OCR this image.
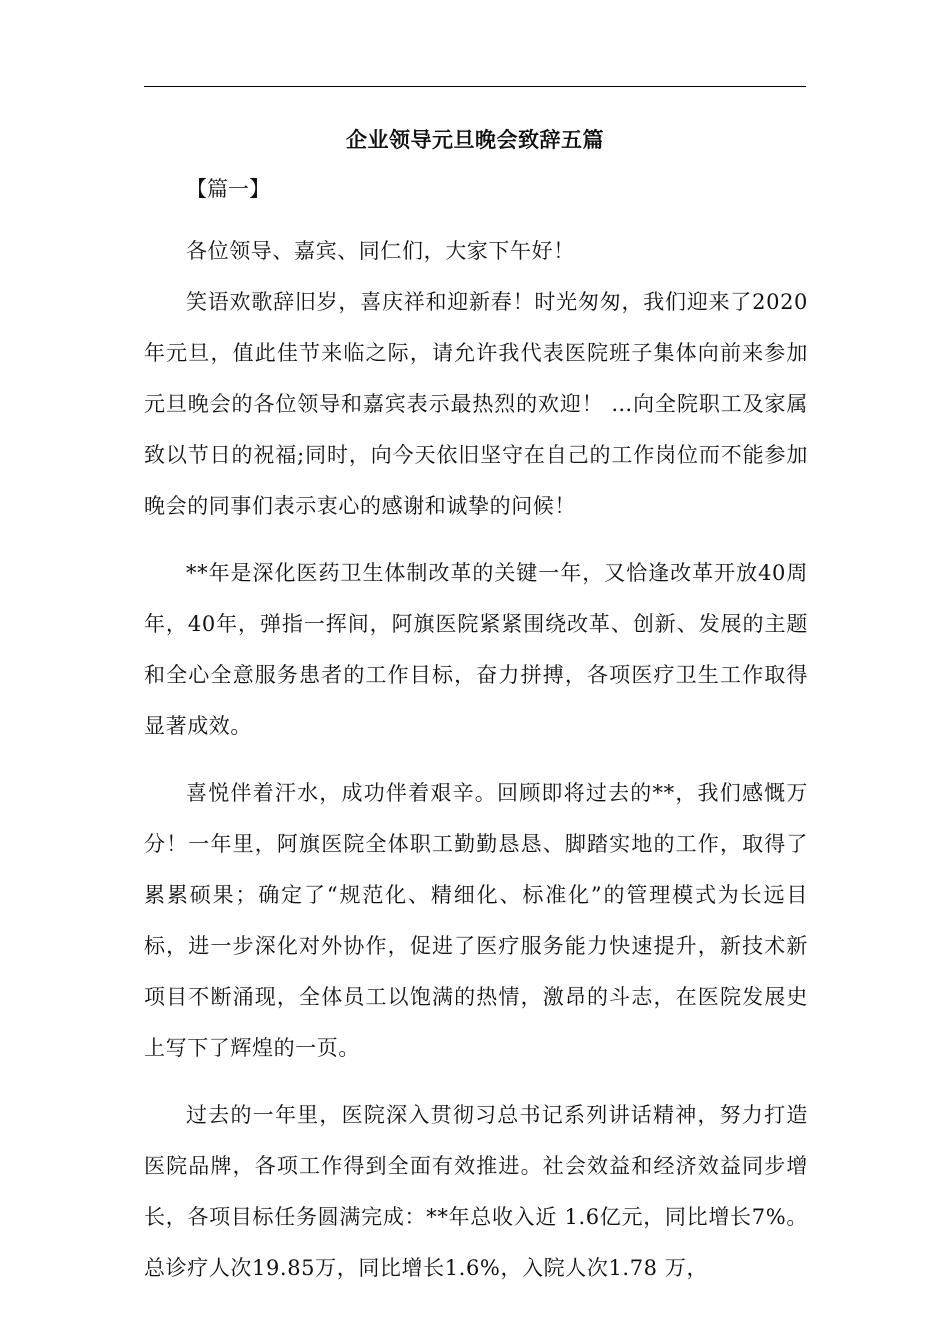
企业领导元旦晚会致辞五篇
【篇一】

各位领导、嘉宾、同仁们，大家下午好！

笑语欢歌辞旧岁，喜庆祥和迎新春！时光匆匆，我们迎来了2020年元旦，值此佳节来临之际，请允许我代表医院班子集体向前来参加元旦晚会的各位领导和嘉宾表示最热烈的欢迎！ …向全院职工及家属致以节日的祝福;同时，向今天依旧坚守在自己的工作岗位而不能参加晚会的同事们表示衷心的感谢和诚挚的问候！

**年是深化医药卫生体制改革的关键一年，又恰逢改革开放40周年，40年，弹指一挥间，阿旗医院紧紧围绕改革、创新、发展的主题和全心全意服务患者的工作目标，奋力拼搏，各项医疗卫生工作取得显著成效。

喜悦伴着汗水，成功伴着艰辛。回顾即将过去的**，我们感慨万分！一年里，阿旗医院全体职工勤勤恳恳、脚踏实地的工作，取得了累累硕果；确定了“规范化、精细化、标准化”的管理模式为长远目标，进一步深化对外协作，促进了医疗服务能力快速提升，新技术新项目不断涌现，全体员工以饱满的热情，激昂的斗志，在医院发展史上写下了辉煌的一页。

过去的一年里，医院深入贯彻习总书记系列讲话精神，努力打造医院品牌，各项工作得到全面有效推进。社会效益和经济效益同步增长，各项目标任务圆满完成：**年总收入近 1.6亿元，同比增长7%。总诊疗人次19.85万，同比增长1.6%，入院人次1.78 万，
